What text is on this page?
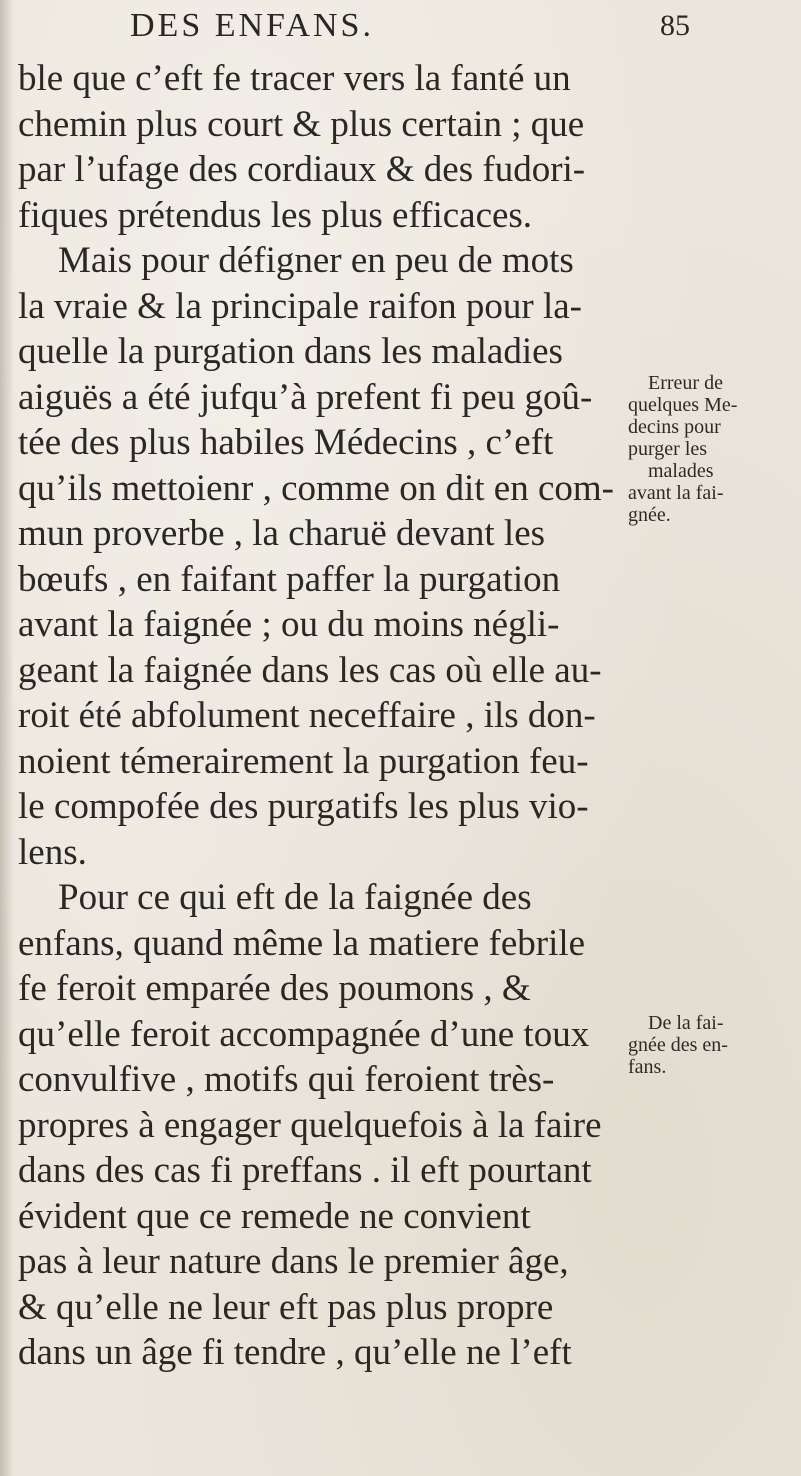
DES ENFANS.	85
ble que c’eft fe tracer vers la fanté un
chemin plus court & plus certain ; que
par l’ufage des cordiaux & des fudori-
fiques prétendus les plus efficaces.
Mais pour défigner en peu de mots
la vraie & la principale raifon pour la-
quelle la purgation dans les maladies
aiguës a été jufqu’à prefent fi peu goû-
tée des plus habiles Médecins , c’eft
qu’ils mettoienr , comme on dit en com-
mun proverbe , la charuë devant les
bœufs , en faifant paffer la purgation
avant la faignée ; ou du moins négli-
geant la faignée dans les cas où elle au-
roit été abfolument neceffaire , ils don-
noient témerairement la purgation feu-
le compofée des purgatifs les plus vio-
lens.
Pour ce qui eft de la faignée des
enfans, quand même la matiere febrile
fe feroit emparée des poumons , &
qu’elle feroit accompagnée d’une toux
convulfive , motifs qui feroient très-
propres à engager quelquefois à la faire
dans des cas fi preffans . il eft pourtant
évident que ce remede ne convient
pas à leur nature dans le premier âge,
& qu’elle ne leur eft pas plus propre
dans un âge fi tendre , qu’elle ne l’eft
Erreur de
quelques Me-
decins pour
purger les
malades
avant la fai-
gnée.
De la fai-
gnée des en-
fans.
